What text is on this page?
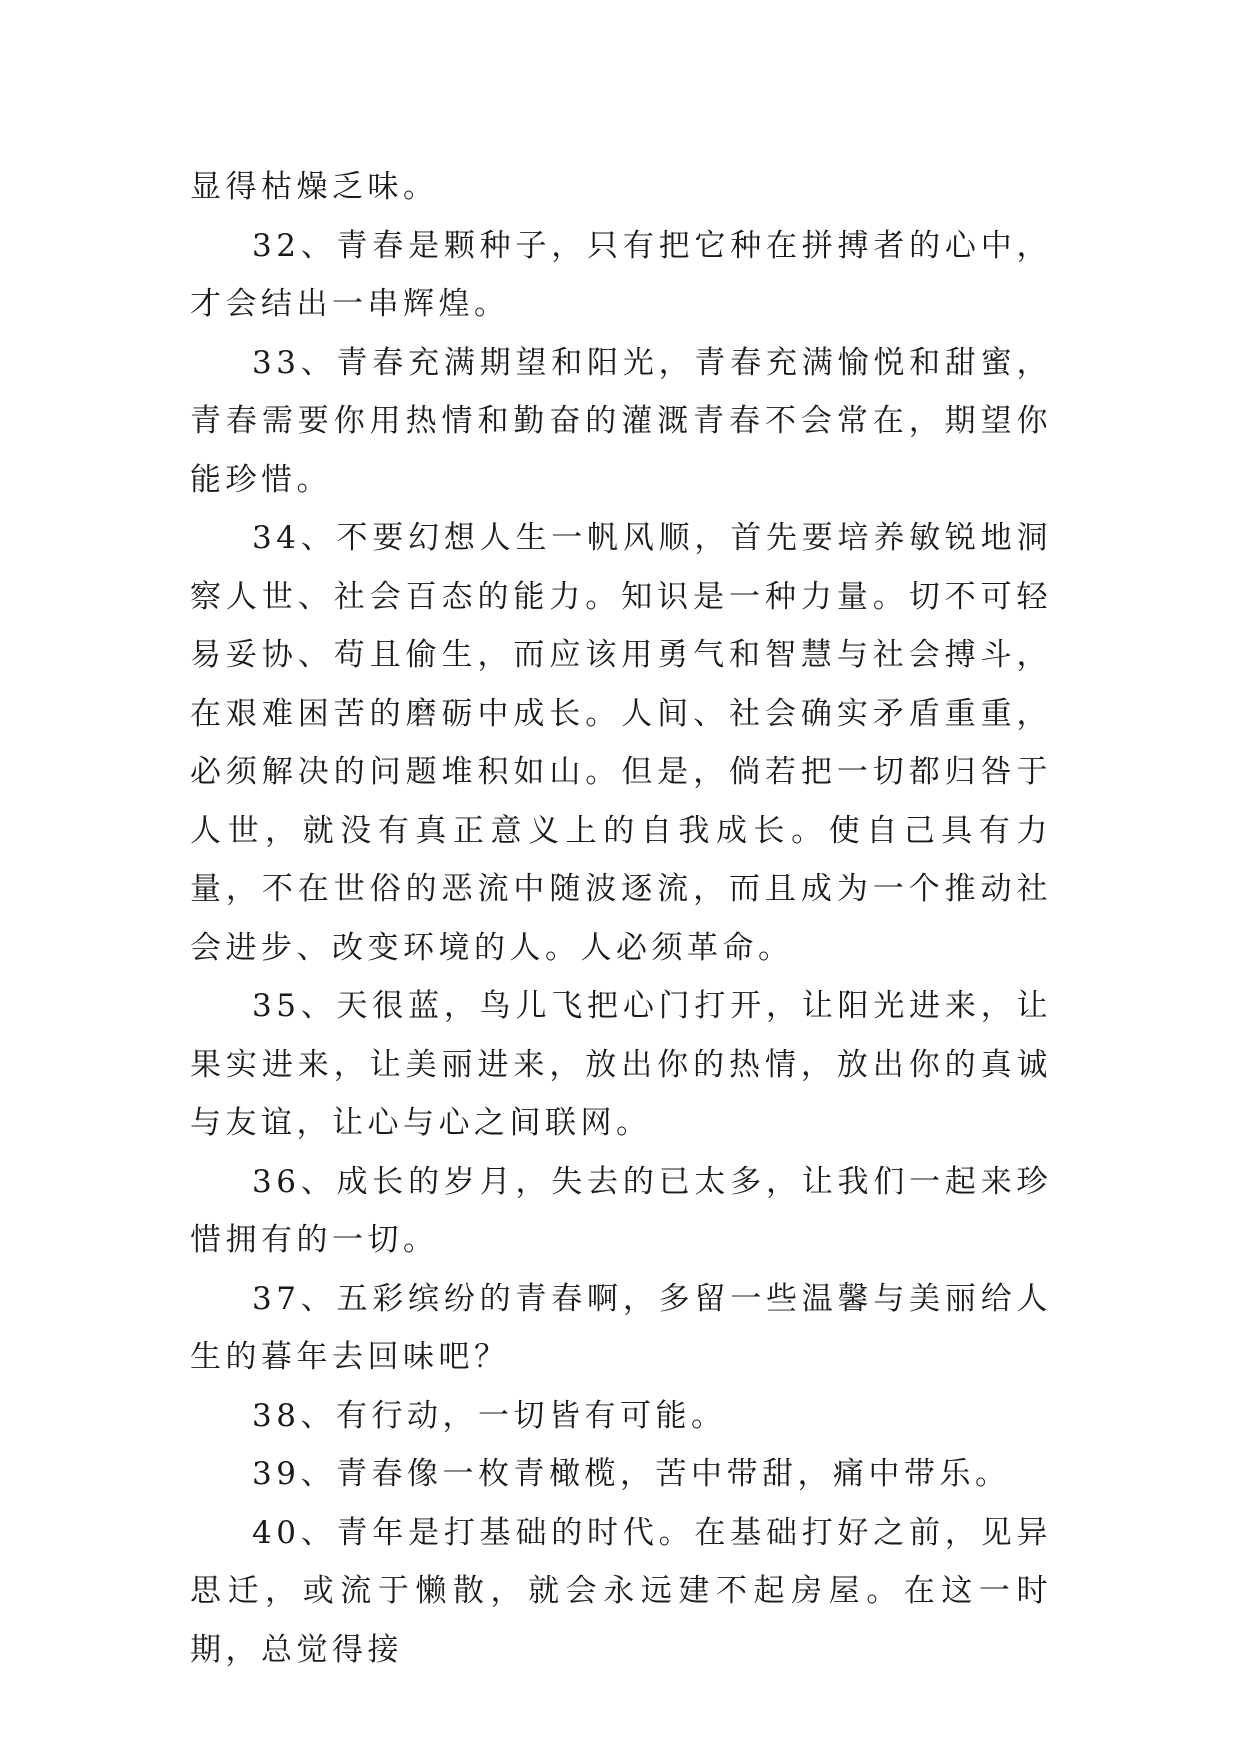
显得枯燥乏味。

32、青春是颗种子，只有把它种在拼搏者的心中，才会结出一串辉煌。

33、青春充满期望和阳光，青春充满愉悦和甜蜜，青春需要你用热情和勤奋的灌溉青春不会常在，期望你能珍惜。

34、不要幻想人生一帆风顺，首先要培养敏锐地洞察人世、社会百态的能力。知识是一种力量。切不可轻易妥协、苟且偷生，而应该用勇气和智慧与社会搏斗，在艰难困苦的磨砺中成长。人间、社会确实矛盾重重，必须解决的问题堆积如山。但是，倘若把一切都归咎于人世，就没有真正意义上的自我成长。使自己具有力量，不在世俗的恶流中随波逐流，而且成为一个推动社会进步、改变环境的人。人必须革命。

35、天很蓝，鸟儿飞把心门打开，让阳光进来，让果实进来，让美丽进来，放出你的热情，放出你的真诚与友谊，让心与心之间联网。

36、成长的岁月，失去的已太多，让我们一起来珍惜拥有的一切。

37、五彩缤纷的青春啊，多留一些温馨与美丽给人生的暮年去回味吧？

38、有行动，一切皆有可能。

39、青春像一枚青橄榄，苦中带甜，痛中带乐。

40、青年是打基础的时代。在基础打好之前，见异思迁，或流于懒散，就会永远建不起房屋。在这一时期，总觉得接
